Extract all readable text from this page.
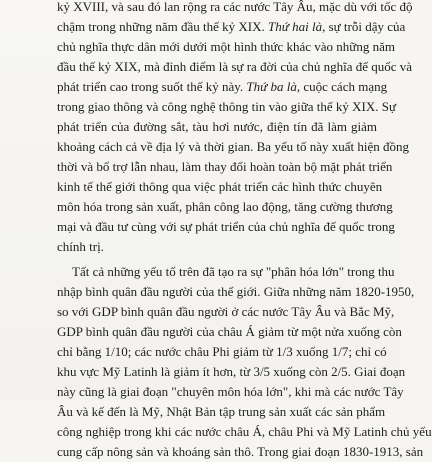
kỷ XVIII, và sau đó lan rộng ra các nước Tây Âu, mặc dù với tốc độ
chậm trong những năm đầu thế kỷ XIX. Thứ hai là, sự trỗi dậy của
chủ nghĩa thực dân mới dưới một hình thức khác vào những năm
đầu thế kỷ XIX, mà đỉnh điểm là sự ra đời của chủ nghĩa đế quốc và
phát triển cao trong suốt thế kỷ này. Thứ ba là, cuộc cách mạng
trong giao thông và công nghệ thông tin vào giữa thế kỷ XIX. Sự
phát triển của đường sắt, tàu hơi nước, điện tín đã làm giảm
khoảng cách cả về địa lý và thời gian. Ba yếu tố này xuất hiện đồng
thời và bổ trợ lẫn nhau, làm thay đổi hoàn toàn bộ mặt phát triển
kinh tế thế giới thông qua việc phát triển các hình thức chuyên
môn hóa trong sản xuất, phân công lao động, tăng cường thương
mại và đầu tư cùng với sự phát triển của chủ nghĩa đế quốc trong
chính trị.

Tất cả những yếu tố trên đã tạo ra sự "phân hóa lớn" trong thu
nhập bình quân đầu người của thế giới. Giữa những năm 1820-1950,
so với GDP bình quân đầu người ở các nước Tây Âu và Bắc Mỹ,
GDP bình quân đầu người của châu Á giảm từ một nửa xuống còn
chỉ bằng 1/10; các nước châu Phi giảm từ 1/3 xuống 1/7; chỉ có
khu vực Mỹ Latinh là giảm ít hơn, từ 3/5 xuống còn 2/5. Giai đoạn
này cũng là giai đoạn "chuyên môn hóa lớn", khi mà các nước Tây
Âu và kế đến là Mỹ, Nhật Bản tập trung sản xuất các sản phẩm
công nghiệp trong khi các nước châu Á, châu Phi và Mỹ Latinh chủ yếu
cung cấp nông sản và khoáng sản thô. Trong giai đoạn 1830-1913, sản
